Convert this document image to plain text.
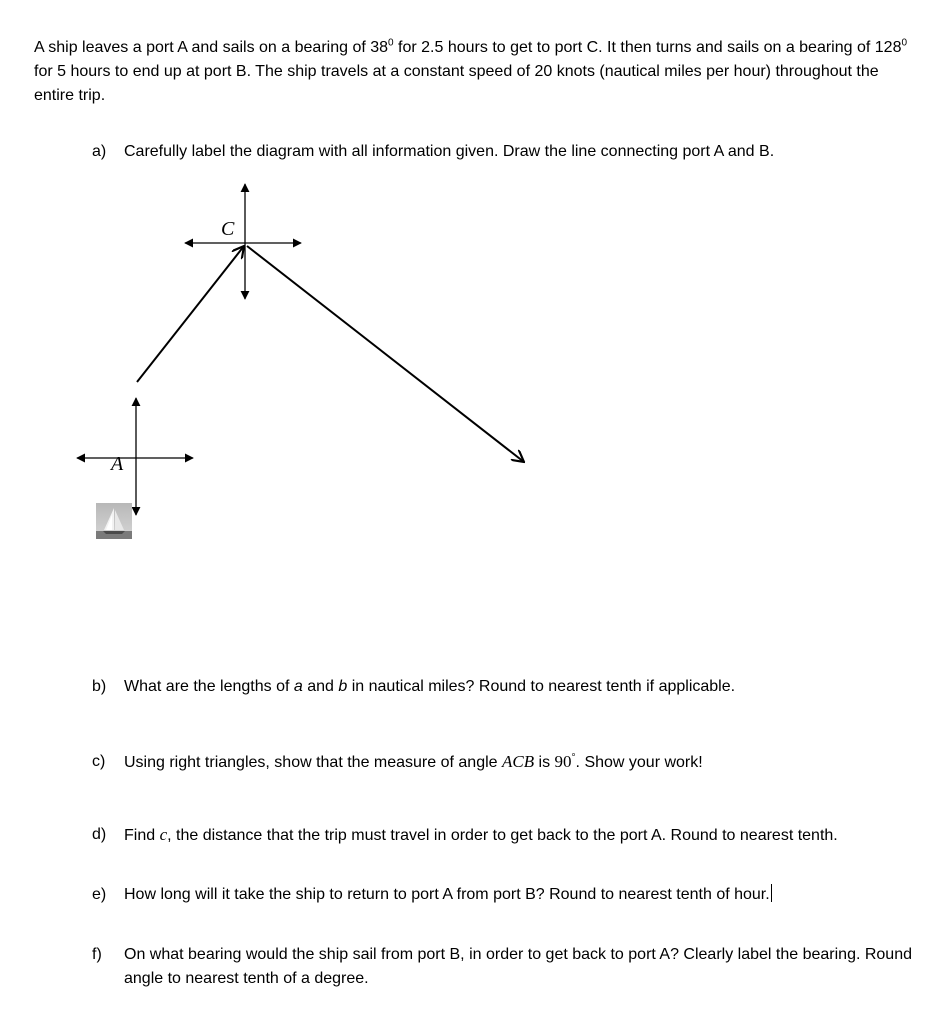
A ship leaves a port A and sails on a bearing of $38^0$ for 2.5 hours to get to port C. It then turns and sails on a bearing of $128^0$ for 5 hours to end up at port B. The ship travels at a constant speed of 20 knots (nautical miles per hour) throughout the entire trip.

C
A
a) Carefully label the diagram with all information given. Draw the line connecting port A and B.
b) What are the lengths of a and b in nautical miles? Round to nearest tenth if applicable.
c) Using right triangles, show that the measure of angle ACB is 90°. Show your work!
d) Find c, the distance that the trip must travel in order to get back to the port A. Round to nearest tenth.
e) How long will it take the ship to return to port A from port B? Round to nearest tenth of hour.
f) On what bearing would the ship sail from port B, in order to get back to port A? Clearly label the bearing. Round angle to nearest tenth of a degree.
